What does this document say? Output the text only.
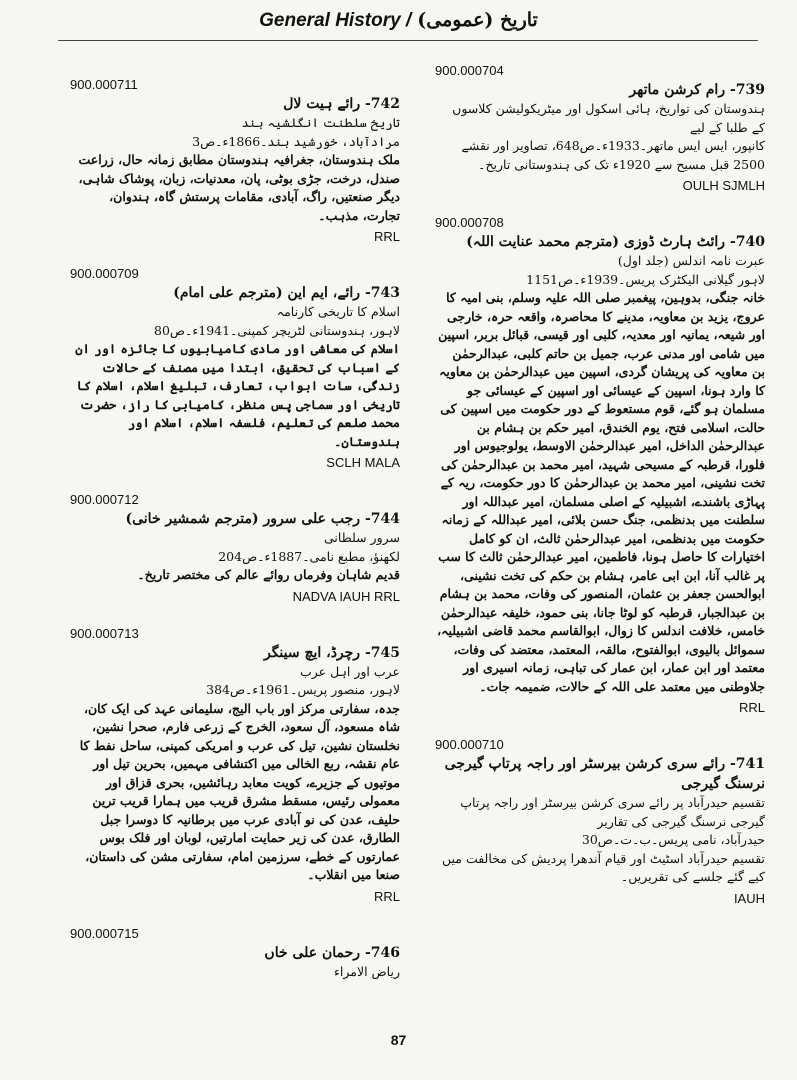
General History / تاریخ (عمومی)
900.000704
739- رام کرشن ماتھر
ہندوستان کی تواریخ، ہائی اسکول اور میٹریکولیشن کلاسوں کے طلبا کے لیے
کانپور، ایس ایس ماتھر۔1933ء۔ص648، تصاویر اور نقشے
2500 قبل مسیح سے 1920ء تک کی ہندوستانی تاریخ۔
OULH SJMLH
900.000708
740- رائٹ ہارٹ ڈوزی (مترجم محمد عنایت اللہ)
عبرت نامہ اندلس (جلد اول)
لاہور گیلانی الیکٹرک پریس۔1939ء۔ص1151
خانہ جنگی، بدوہین، پیغمبر صلی اللہ علیہ وسلم، بنی امیہ کا عروج، یزید بن معاویہ، مدینے کا محاصرہ، واقعہ حرہ، خارجی اور شیعہ، یمانیہ اور معدیہ، کلبی اور قیسی، قبائل بربر، اسپین میں شامی اور مدنی عرب، جمیل بن حاتم کلبی، عبدالرحمٰن بن معاویہ کی پریشان گردی، اسپین میں عبدالرحمٰن بن معاویہ کا وارد ہونا، اسپین کے عیسائی اور اسپین کے عیسائی جو مسلمان ہو گئے، قوم مستعوط کے دور حکومت میں اسپین کی حالت، اسلامی فتح، یوم الخندق، امیر حکم بن ہشام بن عبدالرحمٰن الداخل، امیر عبدالرحمٰن الاوسط، یولوجیوس اور فلورا، قرطبہ کے مسیحی شہید، امیر محمد بن عبدالرحمٰن کی تخت نشینی، امیر محمد بن عبدالرحمٰن کا دور حکومت، ریہ کے پہاڑی باشندے، اشبیلیہ کے اصلی مسلمان، امیر عبداللہ اور سلطنت میں بدنظمی، جنگ حسن بلائی، امیر عبداللہ کے زمانہ حکومت میں بدنظمی، امیر عبدالرحمٰن ثالث، ان کو کامل اختیارات کا حاصل ہونا، فاطمین، امیر عبدالرحمٰن ثالث کا سب پر غالب آنا، ابن ابی عامر، ہشام بن حکم کی تخت نشینی، ابوالحسن جعفر بن عثمان، المنصور کی وفات، محمد بن ہشام بن عبدالجبار، قرطبہ کو لوٹا جانا، بنی حمود، خلیفہ عبدالرحمٰن خامس، خلافت اندلس کا زوال، ابوالقاسم محمد قاضی اشبیلیہ، سموائل بالیوی، ابوالفتوح، مالقہ، المعتمد، معتضد کی وفات، معتمد اور ابن عمار، ابن عمار کی تباہی، زمانہ اسیری اور جلاوطنی میں معتمد علی اللہ کے حالات، ضمیمہ جات۔
RRL
900.000710
741- رائے سری کرشن بیرسٹر اور راجہ پرتاپ گیرجی نرسنگ گیرجی
تقسیم حیدرآباد پر رائے سری کرشن بیرسٹر اور راجہ پرتاپ گیرجی نرسنگ گیرجی کی تقاریر
حیدرآباد، نامی پریس۔ب۔ت۔ص30
تقسیم حیدرآباد اسٹیٹ اور قیام آندھرا پردیش کی مخالفت میں کیے گئے جلسے کی تقریریں۔
IAUH
900.000711
742- رائے ہیت لال
تاریخ سلطنت انگلشیہ ہند
مرادآباد، خورشید ہند۔1866ء۔ص3
ملک ہندوستان، جغرافیہ ہندوستان مطابق زمانہ حال، زراعت صندل، درخت، جڑی بوٹی، پان، معدنیات، زبان، پوشاک شاہی، دیگر صنعتیں، راگ، آبادی، مقامات پرستش گاہ، ہندوان، تجارت، مذہب۔
RRL
900.000709
743- رائے، ایم این (مترجم علی امام)
اسلام کا تاریخی کارنامہ
لاہور، ہندوستانی لٹریچر کمپنی۔1941ء۔ص80
اسلام کی معاشی اور مادی کامیابیوں کا جائزہ اور ان کے اسباب کی تحقیق، ابتدا میں مصنف کے حالات زندگی، سات ابواب، تعارف، تبلیغ اسلام، اسلام کا تاریخی اور سماجی پس منظر، کامیابی کا راز، حضرت محمد صلعم کی تعلیم، فلسفہ اسلام، اسلام اور ہندوستان۔
SCLH MALA
900.000712
744- رجب علی سرور (مترجم شمشیر خانی)
سرور سلطانی
لکھنؤ، مطبع نامی۔1887ء۔ص204
قدیم شاہان وفرماں روائے عالم کی مختصر تاریخ۔
NADVA IAUH RRL
900.000713
745- رچرڈ، ایچ سینگر
عرب اور اہل عرب
لاہور، منصور پریس۔1961ء۔ص384
جدہ، سفارتی مرکز اور باب الیج، سلیمانی عہد کی ایک کان، شاہ مسعود، آل سعود، الخرج کے زرعی فارم، صحرا نشین، نخلستان نشین، تیل کی عرب و امریکی کمپنی، ساحل نفط کا عام نقشہ، ربع الخالی میں اکتشافی مہمیں، بحرین تیل اور موتیوں کے جزیرے، کویت معابد رہائشیں، بحری قزاق اور معمولی رئیس، مسقط مشرق قریب میں ہمارا قریب ترین حلیف، عدن کی نو آبادی عرب میں برطانیہ کا دوسرا جبل الطارق، عدن کی زیر حمایت امارتیں، لوبان اور فلک بوس عمارتوں کے خطے، سرزمین امام، سفارتی مشن کی داستان، صنعا میں انقلاب۔
RRL
900.000715
746- رحمان علی خاں
ریاض الامراء
87
